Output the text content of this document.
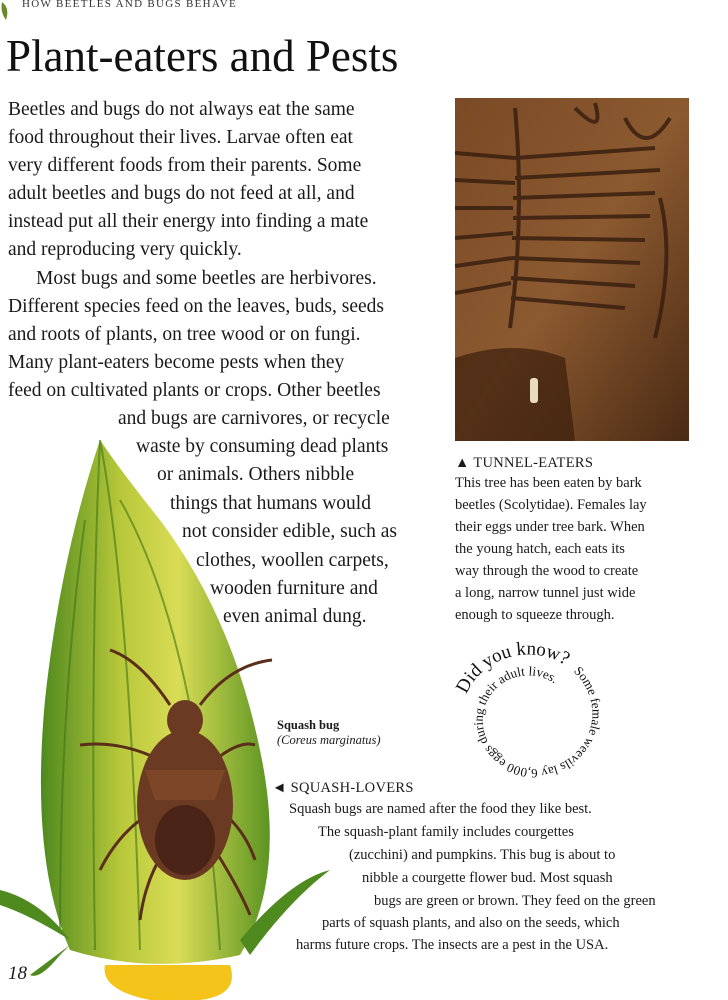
HOW BEETLES AND BUGS BEHAVE
Plant-eaters and Pests
Beetles and bugs do not always eat the same
food throughout their lives. Larvae often eat
very different foods from their parents. Some
adult beetles and bugs do not feed at all, and
instead put all their energy into finding a mate
and reproducing very quickly.
Most bugs and some beetles are herbivores.
Different species feed on the leaves, buds, seeds
and roots of plants, on tree wood or on fungi.
Many plant-eaters become pests when they
feed on cultivated plants or crops. Other beetles
and bugs are carnivores, or recycle
waste by consuming dead plants
or animals. Others nibble
things that humans would
not consider edible, such as
clothes, woollen carpets,
wooden furniture and
even animal dung.
▲ TUNNEL-EATERS
This tree has been eaten by bark
beetles (Scolytidae). Females lay
their eggs under tree bark. When
the young hatch, each eats its
way through the wood to create
a long, narrow tunnel just wide
enough to squeeze through.
Did you know? Some female weevils lay 6,000 eggs during their adult lives.
Squash bug
(Coreus marginatus)
◄ SQUASH-LOVERS
Squash bugs are named after the food they like best.
The squash-plant family includes courgettes
(zucchini) and pumpkins. This bug is about to
nibble a courgette flower bud. Most squash
bugs are green or brown. They feed on the green
parts of squash plants, and also on the seeds, which
harms future crops. The insects are a pest in the USA.
18
